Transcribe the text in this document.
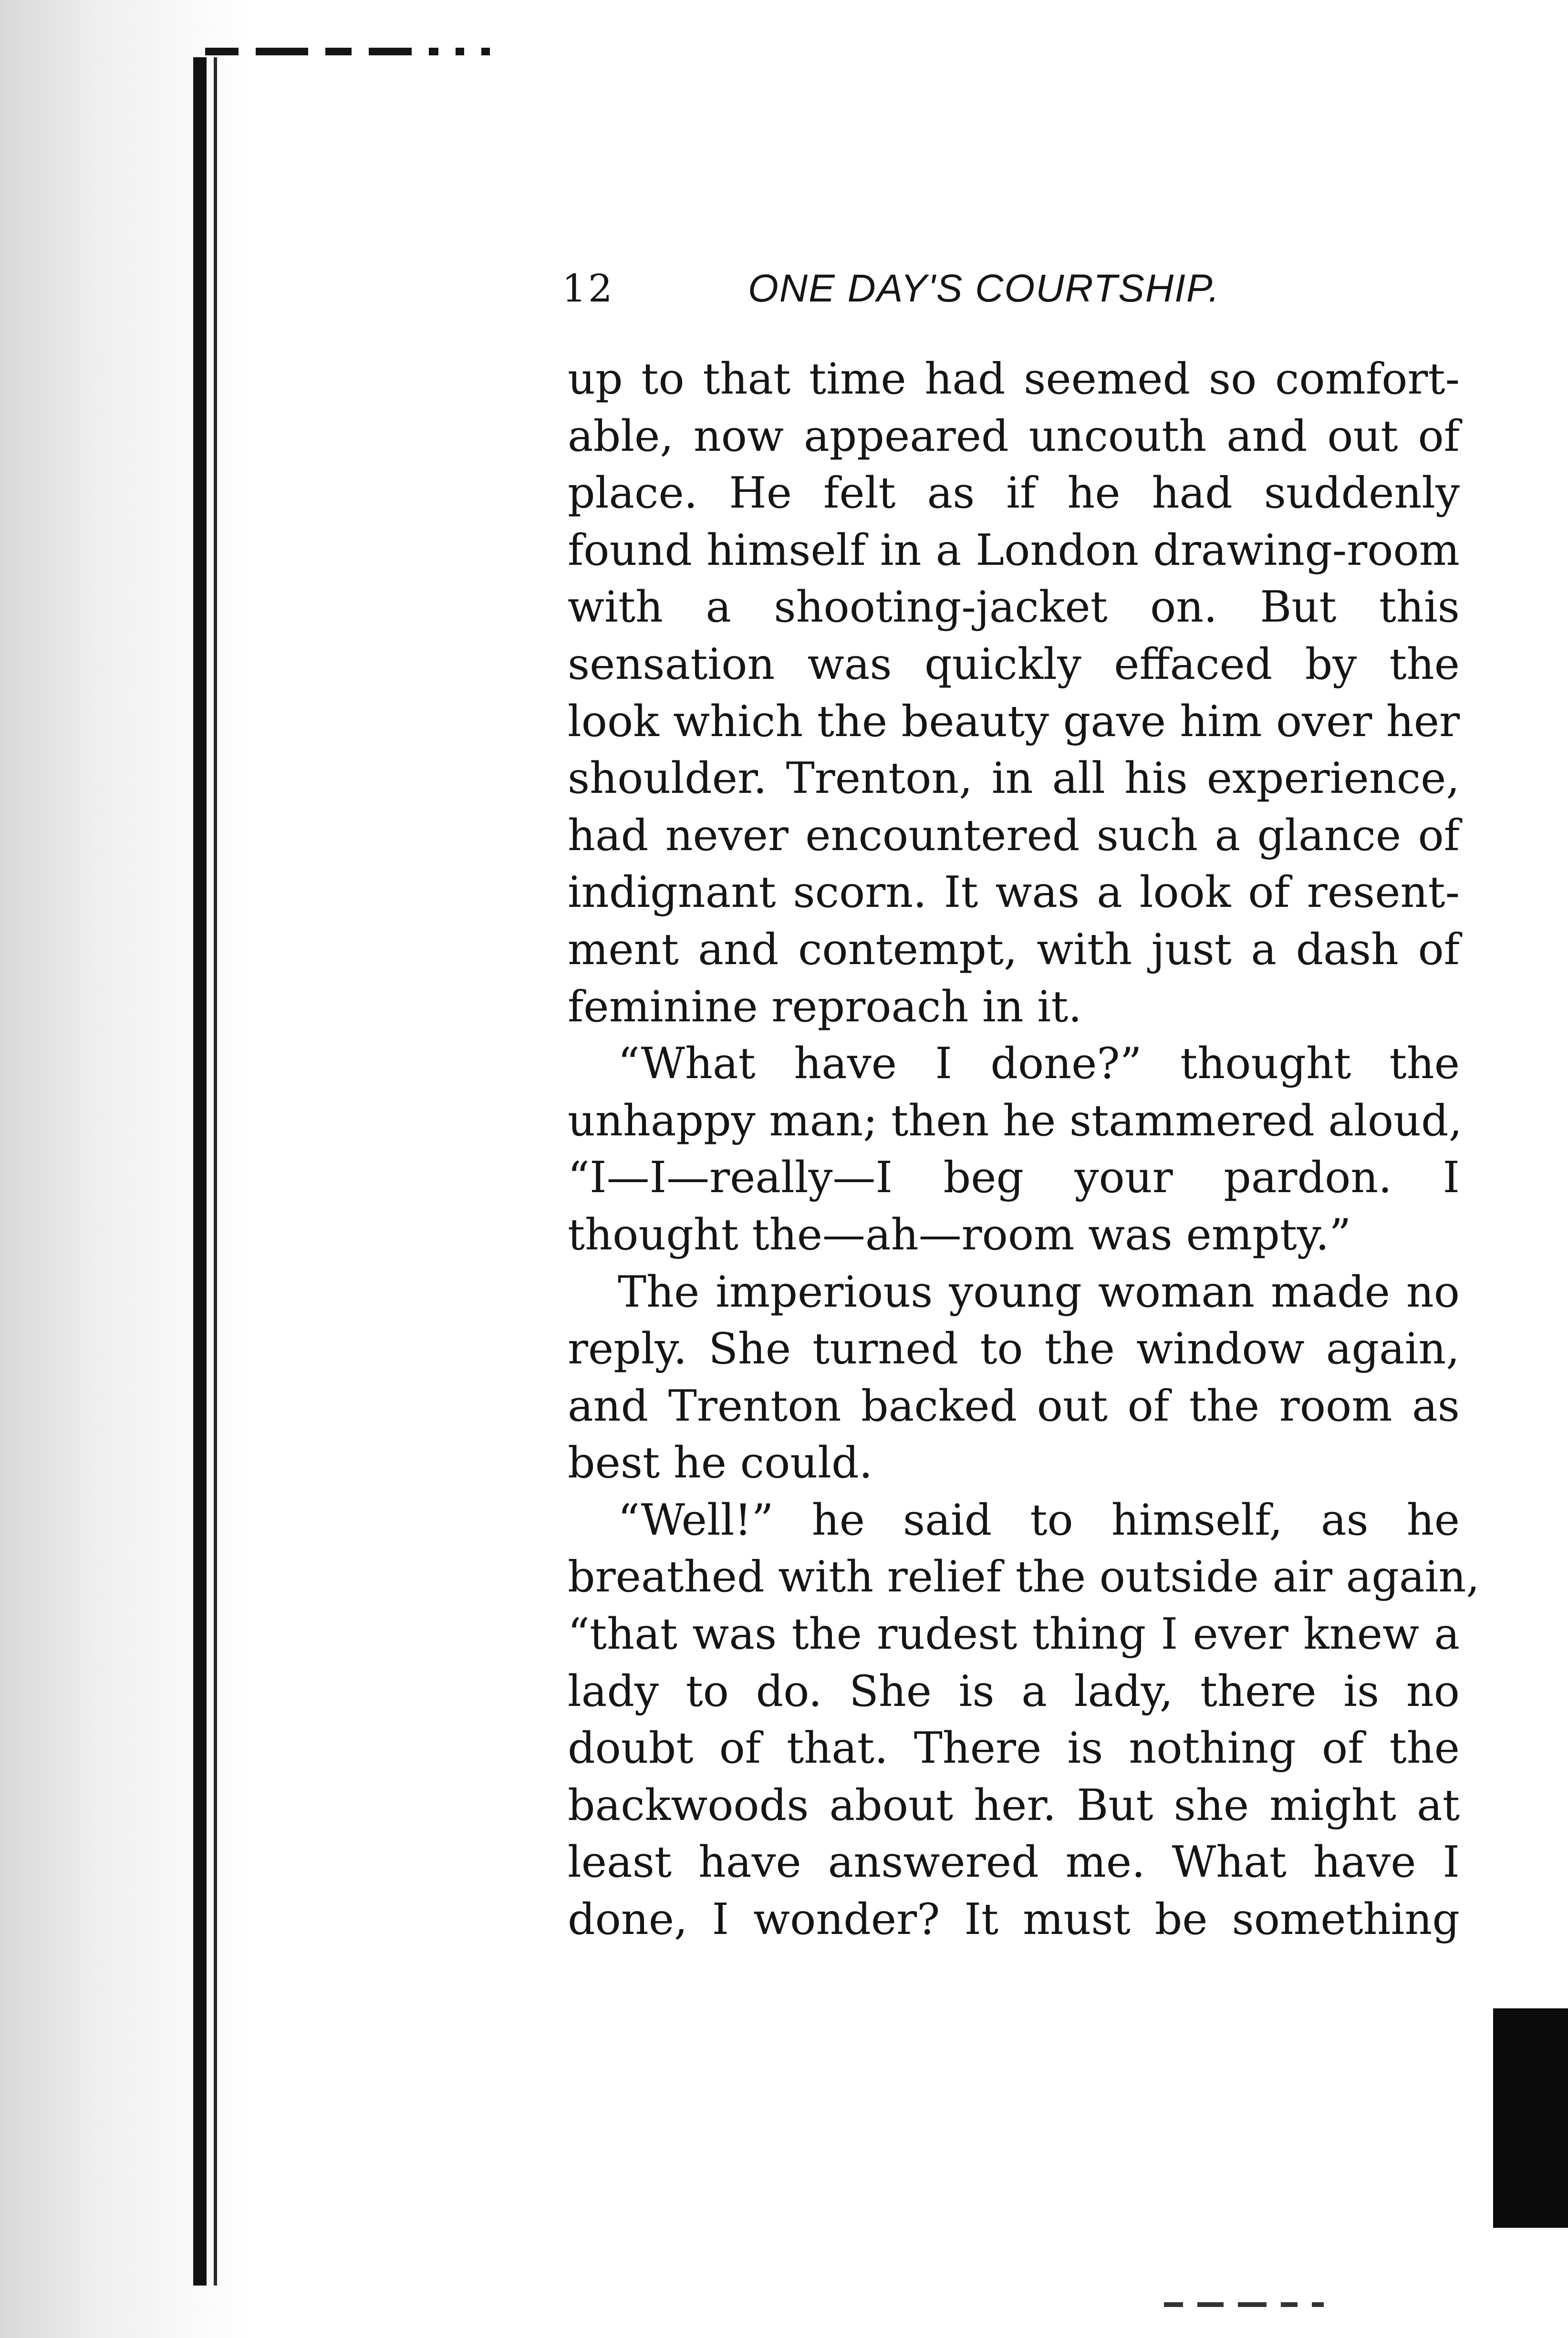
12	ONE DAY'S COURTSHIP.
up to that time had seemed so comfort-
able, now appeared uncouth and out of
place. He felt as if he had suddenly
found himself in a London drawing-room
with a shooting-jacket on. But this
sensation was quickly effaced by the
look which the beauty gave him over her
shoulder. Trenton, in all his experience,
had never encountered such a glance of
indignant scorn. It was a look of resent-
ment and contempt, with just a dash of
feminine reproach in it.
“What have I done?” thought the
unhappy man; then he stammered aloud,
“I—I—really—I beg your pardon. I
thought the—ah—room was empty.”
The imperious young woman made no
reply. She turned to the window again,
and Trenton backed out of the room as
best he could.
“Well!” he said to himself, as he
breathed with relief the outside air again,
“that was the rudest thing I ever knew a
lady to do. She is a lady, there is no
doubt of that. There is nothing of the
backwoods about her. But she might at
least have answered me. What have I
done, I wonder? It must be something
